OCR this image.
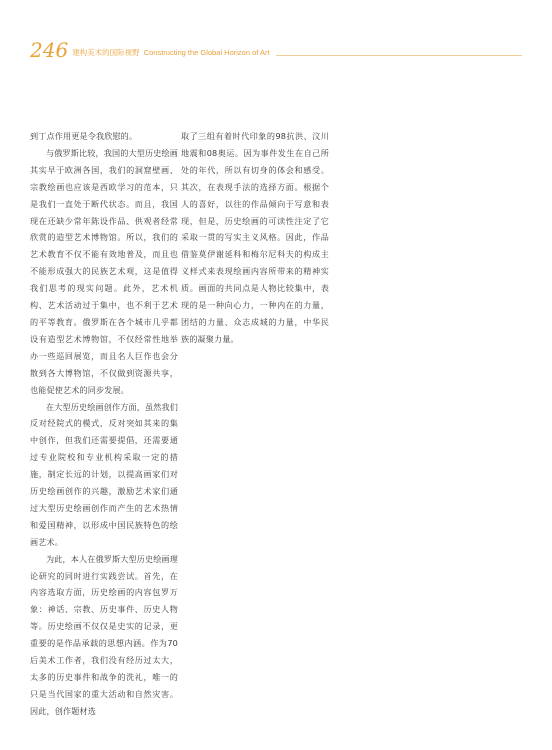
246 建构美术的国际视野 Constructing the Global Horizon of Art

到丁点作用更是令我欣慰的。

与俄罗斯比较，我国的大型历史绘画其实早于欧洲各国，我们的洞窟壁画、宗教绘画也应该是西欧学习的范本，只是我们一直处于断代状态。而且，我国现在还缺少常年陈设作品、供观者经常欣赏的造型艺术博物馆。所以，我们的艺术教育不仅不能有效地普及，而且也不能形成强大的民族艺术观，这是值得我们思考的现实问题。此外，艺术机构、艺术活动过于集中，也不利于艺术的平等教育。俄罗斯在各个城市几乎都设有造型艺术博物馆，不仅经常性地举办一些巡回展览，而且名人巨作也会分散到各大博物馆，不仅做到资源共享，也能促使艺术的同步发展。

在大型历史绘画创作方面，虽然我们反对经院式的模式，反对突如其来的集中创作，但我们还需要提倡，还需要通过专业院校和专业机构采取一定的措施，制定长远的计划，以提高画家们对历史绘画创作的兴趣，激励艺术家们通过大型历史绘画创作而产生的艺术热情和爱国精神，以形成中国民族特色的绘画艺术。

为此，本人在俄罗斯大型历史绘画理论研究的同时进行实践尝试。首先，在内容选取方面，历史绘画的内容包罗万象：神话、宗教、历史事件、历史人物等。历史绘画不仅仅是史实的记录，更重要的是作品承载的思想内涵。作为70后美术工作者，我们没有经历过太大，太多的历史事件和战争的洗礼，唯一的只是当代国家的重大活动和自然灾害。因此，创作题材选

取了三组有着时代印象的98抗洪、汶川地震和08奥运。因为事件发生在自己所处的年代，所以有切身的体会和感受。其次，在表现手法的选择方面。根据个人的喜好，以往的作品倾向于写意和表现，但是，历史绘画的可读性注定了它采取一贯的写实主义风格。因此，作品借鉴莫伊谢延科和梅尔尼科夫的构成主义样式来表现绘画内容所带来的精神实质。画面的共同点是人物比较集中，表现的是一种向心力，一种内在的力量，团结的力量、众志成城的力量，中华民族的凝聚力量。
